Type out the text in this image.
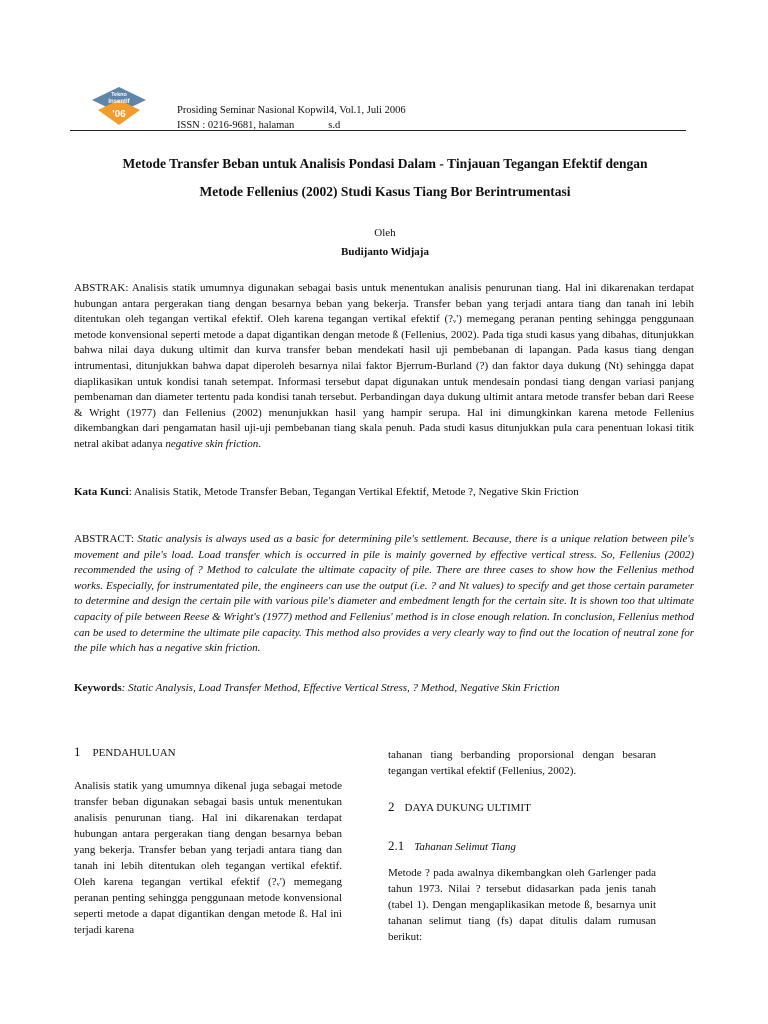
Tekno
Insentif
'06	Prosiding Seminar Nasional Kopwil4, Vol.1, Juli 2006
ISSN : 0216-9681, halaman	s.d
Metode Transfer Beban untuk Analisis Pondasi Dalam - Tinjauan Tegangan Efektif dengan
Metode Fellenius (2002) Studi Kasus Tiang Bor Berintrumentasi
Oleh
Budijanto Widjaja

ABSTRAK: Analisis statik umumnya digunakan sebagai basis untuk menentukan analisis penurunan tiang. Hal ini dikarenakan terdapat hubungan antara pergerakan tiang dengan besarnya beban yang bekerja. Transfer beban yang terjadi antara tiang dan tanah ini lebih ditentukan oleh tegangan vertikal efektif. Oleh karena tegangan vertikal efektif (?ᵥ') memegang peranan penting sehingga penggunaan metode konvensional seperti metode a dapat digantikan dengan metode ß (Fellenius, 2002). Pada tiga studi kasus yang dibahas, ditunjukkan bahwa nilai daya dukung ultimit dan kurva transfer beban mendekati hasil uji pembebanan di lapangan. Pada kasus tiang dengan intrumentasi, ditunjukkan bahwa dapat diperoleh besarnya nilai faktor Bjerrum-Burland (?) dan faktor daya dukung (Nt) sehingga dapat diaplikasikan untuk kondisi tanah setempat. Informasi tersebut dapat digunakan untuk mendesain pondasi tiang dengan variasi panjang pembenaman dan diameter tertentu pada kondisi tanah tersebut. Perbandingan daya dukung ultimit antara metode transfer beban dari Reese & Wright (1977) dan Fellenius (2002) menunjukkan hasil yang hampir serupa. Hal ini dimungkinkan karena metode Fellenius dikembangkan dari pengamatan hasil uji-uji pembebanan tiang skala penuh. Pada studi kasus ditunjukkan pula cara penentuan lokasi titik netral akibat adanya negative skin friction.

Kata Kunci: Analisis Statik, Metode Transfer Beban, Tegangan Vertikal Efektif, Metode ?, Negative Skin Friction

ABSTRACT: Static analysis is always used as a basic for determining pile's settlement. Because, there is a unique relation between pile's movement and pile's load. Load transfer which is occurred in pile is mainly governed by effective vertical stress. So, Fellenius (2002) recommended the using of ? Method to calculate the ultimate capacity of pile. There are three cases to show how the Fellenius method works. Especially, for instrumentated pile, the engineers can use the output (i.e. ? and Nt values) to specify and get those certain parameter to determine and design the certain pile with various pile's diameter and embedment length for the certain site. It is shown too that ultimate capacity of pile between Reese & Wright's (1977) method and Fellenius' method is in close enough relation. In conclusion, Fellenius method can be used to determine the ultimate pile capacity. This method also provides a very clearly way to find out the location of neutral zone for the pile which has a negative skin friction.

Keywords: Static Analysis, Load Transfer Method, Effective Vertical Stress, ? Method, Negative Skin Friction

1 PENDAHULUAN

Analisis statik yang umumnya dikenal juga sebagai metode transfer beban digunakan sebagai basis untuk menentukan analisis penurunan tiang. Hal ini dikarenakan terdapat hubungan antara pergerakan tiang dengan besarnya beban yang bekerja. Transfer beban yang terjadi antara tiang dan tanah ini lebih ditentukan oleh tegangan vertikal efektif. Oleh karena tegangan vertikal efektif (?ᵥ') memegang peranan penting sehingga penggunaan metode konvensional seperti metode a dapat digantikan dengan metode ß. Hal ini terjadi karena

tahanan tiang berbanding proporsional dengan besaran tegangan vertikal efektif (Fellenius, 2002).

2 DAYA DUKUNG ULTIMIT

2.1 Tahanan Selimut Tiang

Metode ? pada awalnya dikembangkan oleh Garlenger pada tahun 1973. Nilai ? tersebut didasarkan pada jenis tanah (tabel 1). Dengan mengaplikasikan metode ß, besarnya unit tahanan selimut tiang (fs) dapat ditulis dalam rumusan berikut:
